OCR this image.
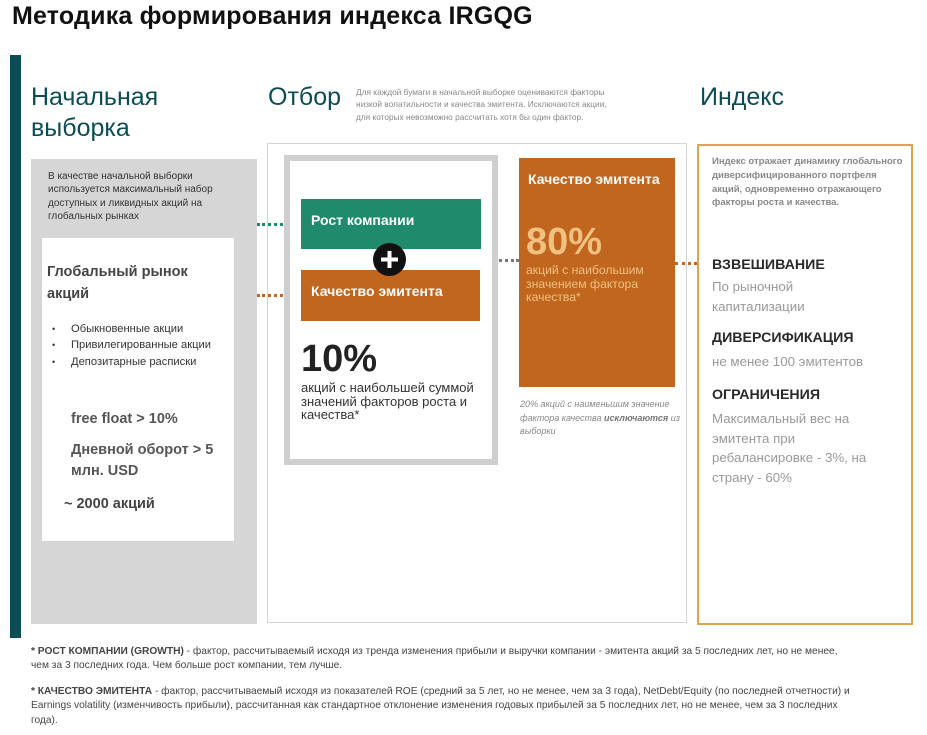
Методика формирования индекса IRGQG
Начальная выборка
Отбор	Индекс
Для каждой бумаги в начальной выборке оцениваются факторы низкой волатильности и качества эмитента. Исключаются акции, для которых невозможно рассчитать хотя бы один фактор.
В качестве начальной выборки используется максимальный набор доступных и ликвидных акций на глобальных рынках
Глобальный рынок акций
• Обыкновенные акции
• Привилегированные акции
• Депозитарные расписки
free float > 10%
Дневной оборот > 5 млн. USD
~ 2000 акций
Рост компании
Качество эмитента
10%
акций с наибольшей суммой значений факторов роста и качества*
Качество эмитента
80%
акций с наибольшим значением фактора качества*
20% акций с наименьшим значение фактора качества исключаются из выборки
Индекс отражает динамику глобального диверсифицированного портфеля акций, одновременно отражающего факторы роста и качества.
ВЗВЕШИВАНИЕ
По рыночной капитализации
ДИВЕРСИФИКАЦИЯ
не менее 100 эмитентов
ОГРАНИЧЕНИЯ
Максимальный вес на эмитента при ребалансировке - 3%, на страну - 60%
* РОСТ КОМПАНИИ (GROWTH) - фактор, рассчитываемый исходя из тренда изменения прибыли и выручки компании - эмитента акций за 5 последних лет, но не менее, чем за 3 последних года. Чем больше рост компании, тем лучше.
* КАЧЕСТВО ЭМИТЕНТА - фактор, рассчитываемый исходя из показателей ROE (средний за 5 лет, но не менее, чем за 3 года), NetDebt/Equity (по последней отчетности) и Earnings volatility (изменчивость прибыли), рассчитанная как стандартное отклонение изменения годовых прибылей за 5 последних лет, но не менее, чем за 3 последних года).
